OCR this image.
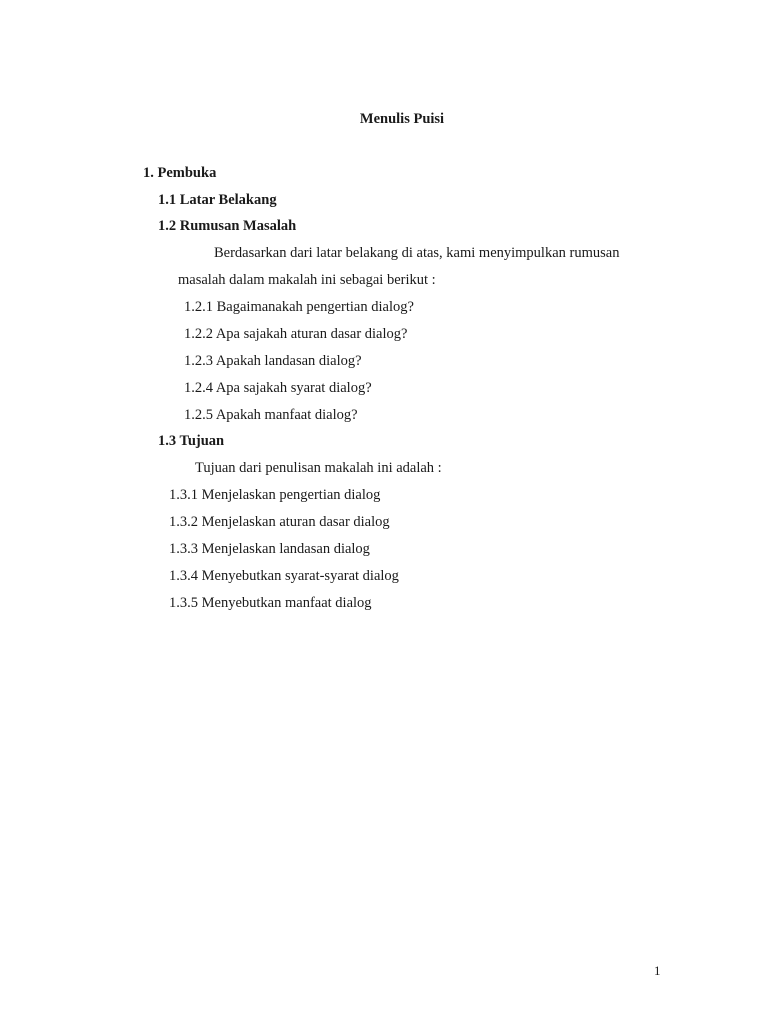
Menulis Puisi
1. Pembuka
1.1 Latar Belakang
1.2 Rumusan Masalah
Berdasarkan dari latar belakang di atas, kami menyimpulkan rumusan
masalah dalam makalah ini sebagai berikut :
1.2.1 Bagaimanakah pengertian dialog?
1.2.2 Apa sajakah aturan dasar dialog?
1.2.3 Apakah landasan dialog?
1.2.4 Apa sajakah syarat dialog?
1.2.5 Apakah manfaat dialog?
1.3 Tujuan
Tujuan dari penulisan makalah ini adalah :
1.3.1 Menjelaskan pengertian dialog
1.3.2 Menjelaskan aturan dasar dialog
1.3.3 Menjelaskan landasan dialog
1.3.4 Menyebutkan syarat-syarat dialog
1.3.5 Menyebutkan manfaat dialog
1
